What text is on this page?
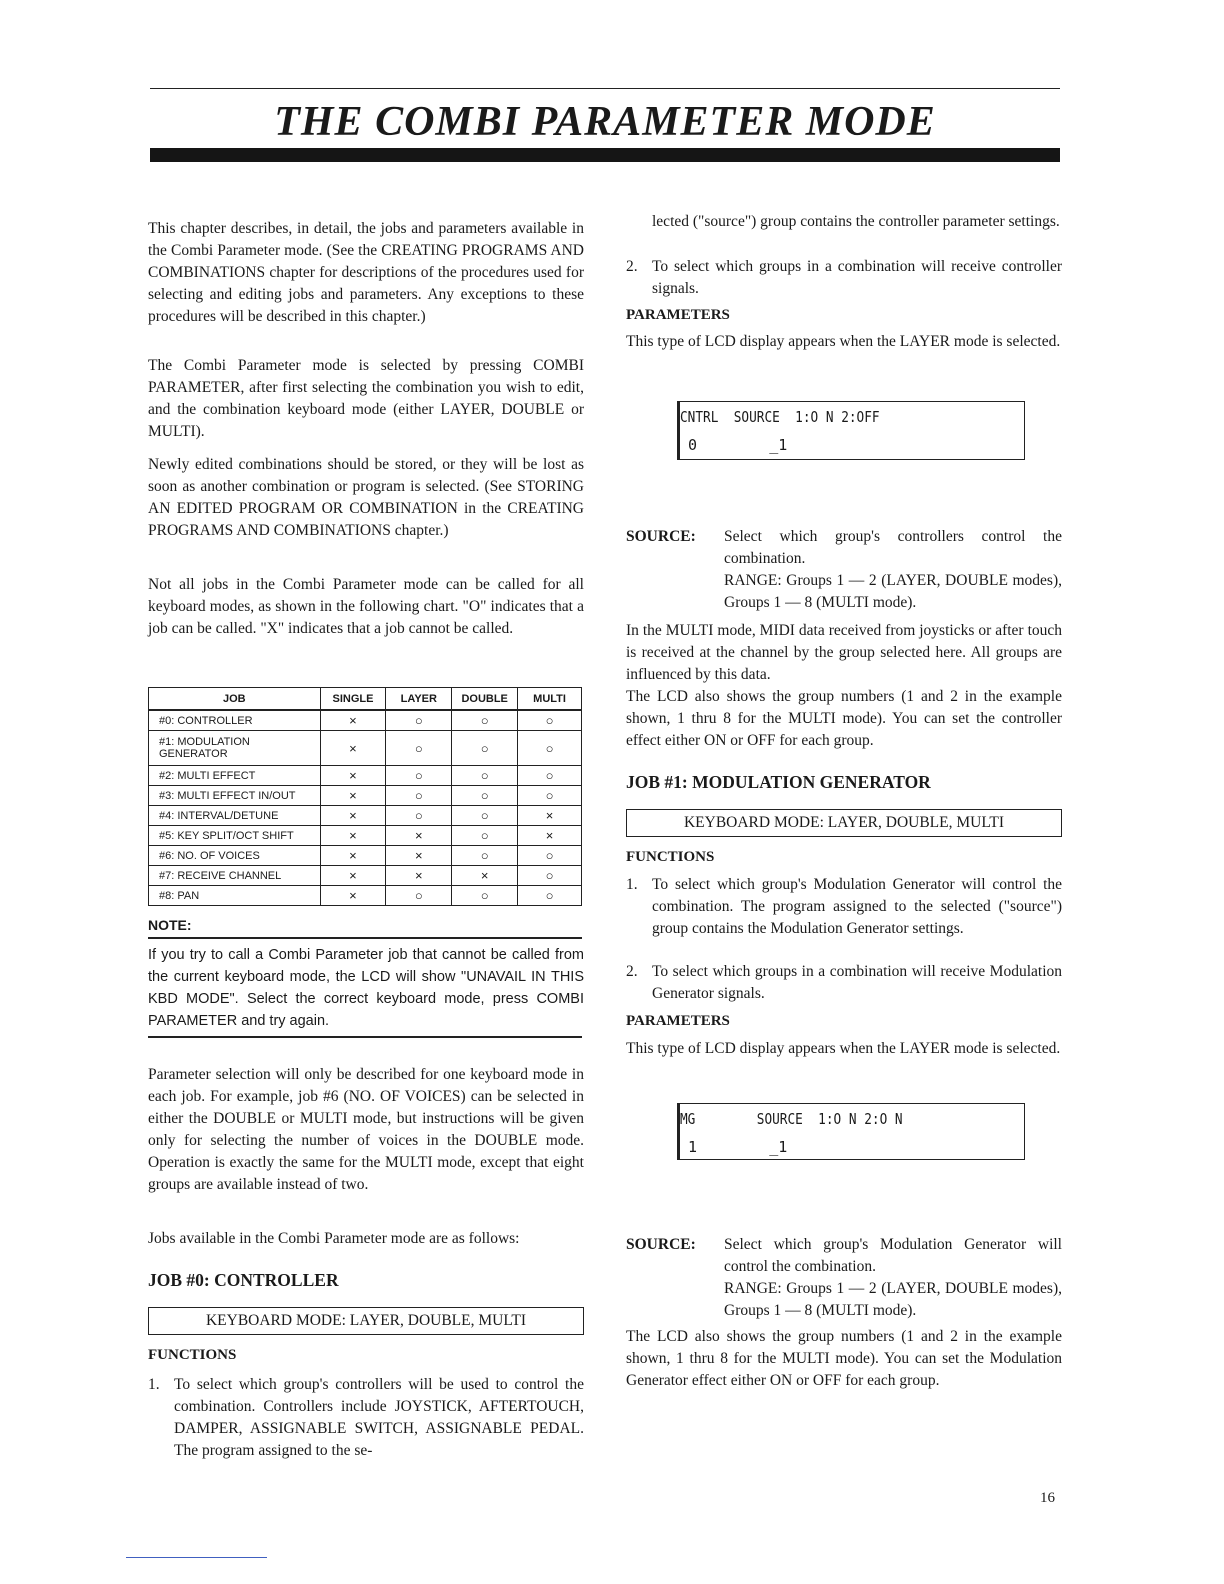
THE COMBI PARAMETER MODE

This chapter describes, in detail, the jobs and parameters available in the Combi Parameter mode. (See the CREATING PROGRAMS AND COMBINATIONS chapter for descriptions of the procedures used for selecting and editing jobs and parameters. Any exceptions to these procedures will be described in this chapter.)

The Combi Parameter mode is selected by pressing COMBI PARAMETER, after first selecting the combination you wish to edit, and the combination keyboard mode (either LAYER, DOUBLE or MULTI).

Newly edited combinations should be stored, or they will be lost as soon as another combination or program is selected. (See STORING AN EDITED PROGRAM OR COMBINATION in the CREATING PROGRAMS AND COMBINATIONS chapter.)

Not all jobs in the Combi Parameter mode can be called for all keyboard modes, as shown in the following chart. "O" indicates that a job can be called. "X" indicates that a job cannot be called.

JOB	SINGLE	LAYER	DOUBLE	MULTI
#0: CONTROLLER	×	○	○	○
#1: MODULATION GENERATOR	×	○	○	○
#2: MULTI EFFECT	×	○	○	○
#3: MULTI EFFECT IN/OUT	×	○	○	○
#4: INTERVAL/DETUNE	×	○	○	×
#5: KEY SPLIT/OCT SHIFT	×	×	○	×
#6: NO. OF VOICES	×	×	○	○
#7: RECEIVE CHANNEL	×	×	×	○
#8: PAN	×	○	○	○
NOTE:

If you try to call a Combi Parameter job that cannot be called from the current keyboard mode, the LCD will show "UNAVAIL IN THIS KBD MODE". Select the correct keyboard mode, press COMBI PARAMETER and try again.

Parameter selection will only be described for one keyboard mode in each job. For example, job #6 (NO. OF VOICES) can be selected in either the DOUBLE or MULTI mode, but instructions will be given only for selecting the number of voices in the DOUBLE mode. Operation is exactly the same for the MULTI mode, except that eight groups are available instead of two.

Jobs available in the Combi Parameter mode are as follows:

JOB #0: CONTROLLER
KEYBOARD MODE: LAYER, DOUBLE, MULTI
FUNCTIONS
1. To select which group's controllers will be used to control the combination. Controllers include JOYSTICK, AFTERTOUCH, DAMPER, ASSIGNABLE SWITCH, ASSIGNABLE PEDAL. The program assigned to the se-
lected ("source") group contains the controller parameter settings.
2. To select which groups in a combination will receive controller signals.
PARAMETERS

This type of LCD display appears when the LAYER mode is selected.

CNTRL  SOURCE  1:O N 2:OFF
0        _1
SOURCE: Select which group's controllers control the combination.
RANGE: Groups 1 — 2 (LAYER, DOUBLE modes), Groups 1 — 8 (MULTI mode).

In the MULTI mode, MIDI data received from joysticks or after touch is received at the channel by the group selected here. All groups are influenced by this data.

The LCD also shows the group numbers (1 and 2 in the example shown, 1 thru 8 for the MULTI mode). You can set the controller effect either ON or OFF for each group.

JOB #1: MODULATION GENERATOR
KEYBOARD MODE: LAYER, DOUBLE, MULTI
FUNCTIONS
1. To select which group's Modulation Generator will control the combination. The program assigned to the selected ("source") group contains the Modulation Generator settings.
2. To select which groups in a combination will receive Modulation Generator signals.
PARAMETERS

This type of LCD display appears when the LAYER mode is selected.

MG        SOURCE  1:O N 2:O N
1        _1
SOURCE: Select which group's Modulation Generator will control the combination.
RANGE: Groups 1 — 2 (LAYER, DOUBLE modes), Groups 1 — 8 (MULTI mode).

The LCD also shows the group numbers (1 and 2 in the example shown, 1 thru 8 for the MULTI mode). You can set the Modulation Generator effect either ON or OFF for each group.

16
